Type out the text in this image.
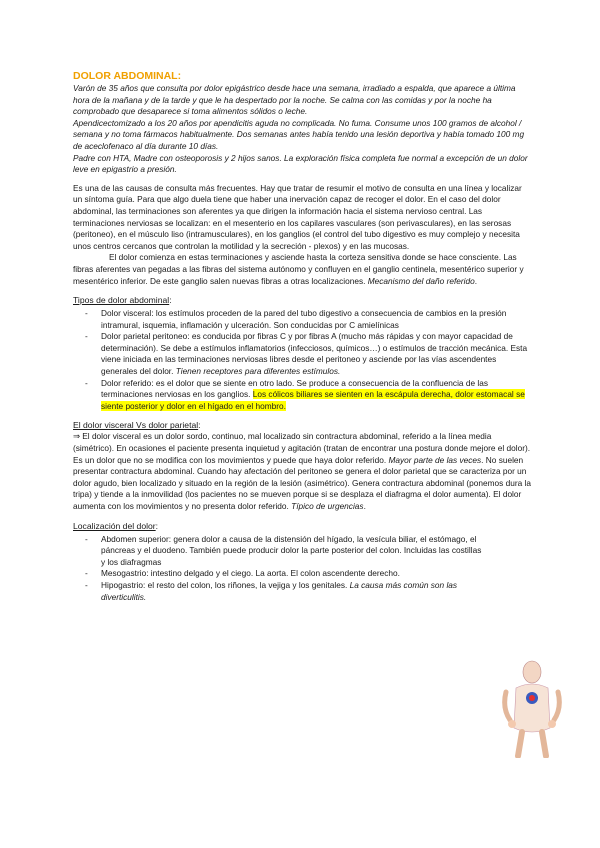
DOLOR ABDOMINAL:

Varón de 35 años que consulta por dolor epigástrico desde hace una semana, irradiado a espalda, que aparece a última hora de la mañana y de la tarde y que le ha despertado por la noche. Se calma con las comidas y por la noche ha comprobado que desaparece si toma alimentos sólidos o leche.

Apendicectomizado a los 20 años por apendicitis aguda no complicada. No fuma. Consume unos 100 gramos de alcohol / semana y no toma fármacos habitualmente. Dos semanas antes había tenido una lesión deportiva y había tomado 100 mg de aceclofenaco al día durante 10 días.

Padre con HTA, Madre con osteoporosis y 2 hijos sanos. La exploración física completa fue normal a excepción de un dolor leve en epigastrio a presión.

Es una de las causas de consulta más frecuentes. Hay que tratar de resumir el motivo de consulta en una línea y localizar un síntoma guía. Para que algo duela tiene que haber una inervación capaz de recoger el dolor. En el caso del dolor abdominal, las terminaciones son aferentes ya que dirigen la información hacia el sistema nervioso central. Las terminaciones nerviosas se localizan: en el mesenterio en los capilares vasculares (son perivasculares), en las serosas (peritoneo), en el músculo liso (intramusculares), en los ganglios (el control del tubo digestivo es muy complejo y necesita unos centros cercanos que controlan la motilidad y la secreción - plexos) y en las mucosas.

El dolor comienza en estas terminaciones y asciende hasta la corteza sensitiva donde se hace consciente. Las fibras aferentes van pegadas a las fibras del sistema autónomo y confluyen en el ganglio centinela, mesentérico superior y mesentérico inferior. De este ganglio salen nuevas fibras a otras localizaciones. Mecanismo del daño referido.

Tipos de dolor abdominal:

- Dolor visceral: los estímulos proceden de la pared del tubo digestivo a consecuencia de cambios en la presión intramural, isquemia, inflamación y ulceración. Son conducidas por C amielínicas
- Dolor parietal peritoneo: es conducida por fibras C y por fibras A (mucho más rápidas y con mayor capacidad de determinación). Se debe a estímulos inflamatorios (infecciosos, químicos…) o estímulos de tracción mecánica. Esta viene iniciada en las terminaciones nerviosas libres desde el peritoneo y asciende por las vías ascendentes generales del dolor. Tienen receptores para diferentes estímulos.
- Dolor referido: es el dolor que se siente en otro lado. Se produce a consecuencia de la confluencia de las terminaciones nerviosas en los ganglios. Los cólicos biliares se sienten en la escápula derecha, dolor estomacal se siente posterior y dolor en el hígado en el hombro.

El dolor visceral Vs dolor parietal:

⇒ El dolor visceral es un dolor sordo, continuo, mal localizado sin contractura abdominal, referido a la línea media (simétrico). En ocasiones el paciente presenta inquietud y agitación (tratan de encontrar una postura donde mejore el dolor). Es un dolor que no se modifica con los movimientos y puede que haya dolor referido. Mayor parte de las veces. No suelen presentar contractura abdominal. Cuando hay afectación del peritoneo se genera el dolor parietal que se caracteriza por un dolor agudo, bien localizado y situado en la región de la lesión (asimétrico). Genera contractura abdominal (ponemos dura la tripa) y tiende a la inmovilidad (los pacientes no se mueven porque si se desplaza el diafragma el dolor aumenta). El dolor aumenta con los movimientos y no presenta dolor referido. Típico de urgencias.

Localización del dolor:

- Abdomen superior: genera dolor a causa de la distensión del hígado, la vesícula biliar, el estómago, el páncreas y el duodeno. También puede producir dolor la parte posterior del colon. Incluidas las costillas y los diafragmas
- Mesogastrio: intestino delgado y el ciego. La aorta. El colon ascendente derecho.
- Hipogastrio: el resto del colon, los riñones, la vejiga y los genitales. La causa más común son las diverticulitis.
